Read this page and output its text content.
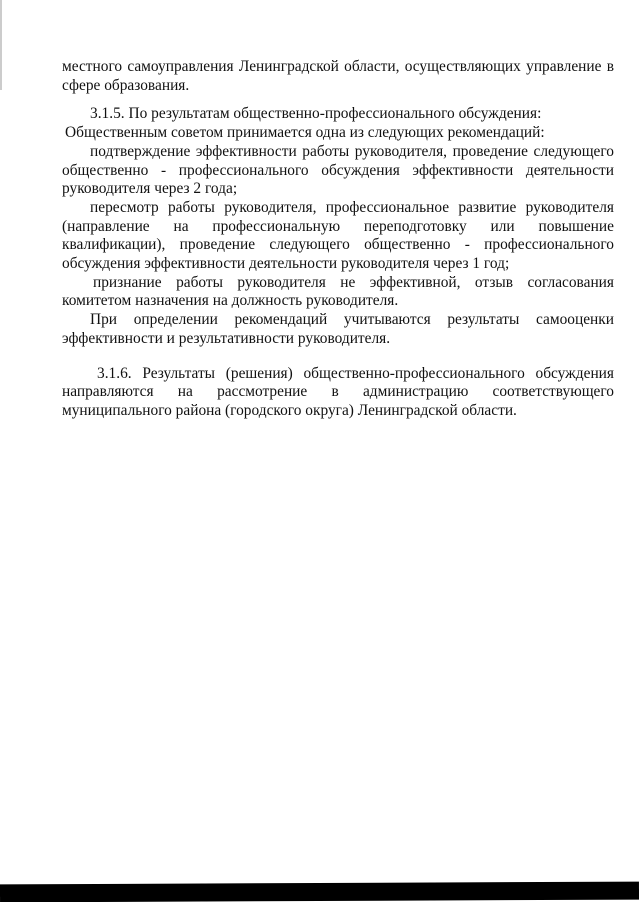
местного самоуправления Ленинградской области, осуществляющих управление в
сфере образования.
3.1.5. По результатам общественно-профессионального обсуждения:
Общественным советом принимается одна из следующих рекомендаций:
подтверждение эффективности работы руководителя, проведение следующего
общественно - профессионального обсуждения эффективности деятельности
руководителя через 2 года;
пересмотр работы руководителя, профессиональное развитие руководителя
(направление на профессиональную переподготовку или повышение
квалификации), проведение следующего общественно - профессионального
обсуждения эффективности деятельности руководителя через 1 год;
признание работы руководителя не эффективной, отзыв согласования
комитетом назначения на должность руководителя.
При определении рекомендаций учитываются результаты самооценки
эффективности и результативности руководителя.
3.1.6. Результаты (решения) общественно-профессионального обсуждения
направляются на рассмотрение в администрацию соответствующего
муниципального района (городского округа) Ленинградской области.
